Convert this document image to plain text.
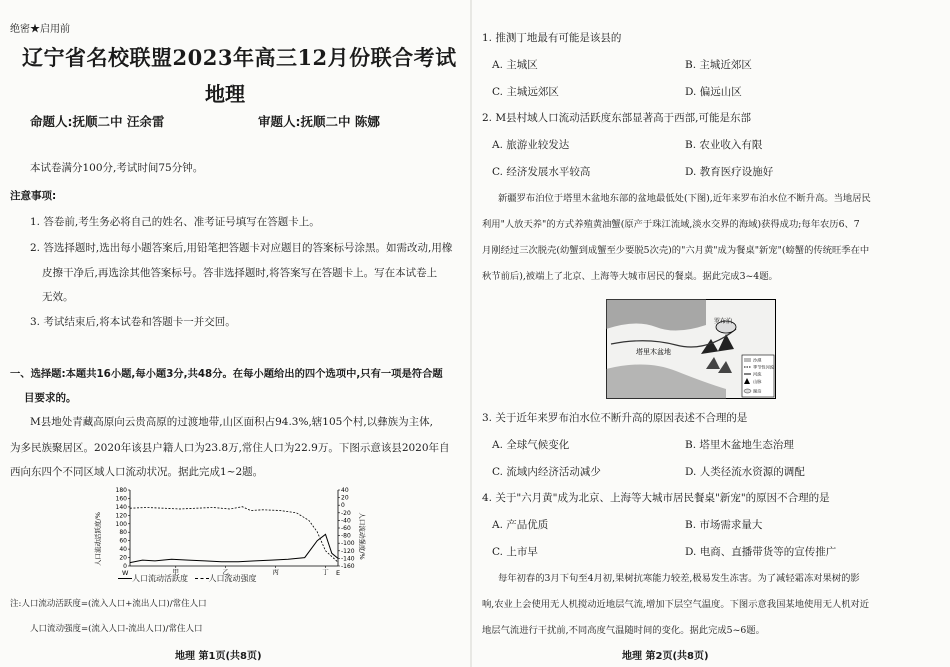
绝密★启用前
辽宁省名校联盟2023年高三12月份联合考试
地理
命题人:抚顺二中 汪余雷	审题人:抚顺二中 陈娜
本试卷满分100分,考试时间75分钟。
注意事项:
1. 答卷前,考生务必将自己的姓名、准考证号填写在答题卡上。
2. 答选择题时,选出每小题答案后,用铅笔把答题卡对应题目的答案标号涂黑。如需改动,用橡
皮擦干净后,再选涂其他答案标号。答非选择题时,将答案写在答题卡上。写在本试卷上
无效。
3. 考试结束后,将本试卷和答题卡一并交回。
一、选择题:本题共16小题,每小题3分,共48分。在每小题给出的四个选项中,只有一项是符合题
目要求的。
M县地处青藏高原向云贵高原的过渡地带,山区面积占94.3%,辖105个村,以彝族为主体,
为多民族聚居区。2020年该县户籍人口为23.8万,常住人口为22.9万。下图示意该县2020年自
西向东四个不同区域人口流动状况。据此完成1~2题。
人口流动活跃度/%	人口流动强度/%
180
160
140
120
100
80
60
40
20
0
40
20
0
-20
-40
-60
-80
-100
-120
-140
-160
W	E
甲	乙	丙	丁
人口流动活跃度	人口流动强度
注:人口流动活跃度=(流入人口+流出人口)/常住人口
人口流动强度=(流入人口-流出人口)/常住人口
地理 第1页(共8页)
1. 推测丁地最有可能是该县的
A. 主城区	B. 主城近郊区
C. 主城远郊区	D. 偏远山区
2. M县村域人口流动活跃度东部显著高于西部,可能是东部
A. 旅游业较发达	B. 农业收入有限
C. 经济发展水平较高	D. 教育医疗设施好
新疆罗布泊位于塔里木盆地东部的盆地最低处(下图),近年来罗布泊水位不断升高。当地居民
利用"人放天养"的方式养殖黄油蟹(原产于珠江流域,淡水交界的海域)获得成功;每年农历6、7
月刚经过三次脱壳(幼蟹到成蟹至少要脱5次壳)的"六月黄"成为餐桌"新宠"(螃蟹的传统旺季在中
秋节前后),被端上了北京、上海等大城市居民的餐桌。据此完成3~4题。
3. 关于近年来罗布泊水位不断升高的原因表述不合理的是
A. 全球气候变化	B. 塔里木盆地生态治理
C. 流域内经济活动减少	D. 人类径流水资源的调配
4. 关于"六月黄"成为北京、上海等大城市居民餐桌"新宠"的原因不合理的是
A. 产品优质	B. 市场需求量大
C. 上市早	D. 电商、直播带货等的宣传推广
每年初春的3月下旬至4月初,果树抗寒能力较差,极易发生冻害。为了减轻霜冻对果树的影
响,农业上会使用无人机搅动近地层气流,增加下层空气温度。下图示意我国某地使用无人机对近
地层气流进行干扰前,不同高度气温随时间的变化。据此完成5~6题。
地理 第2页(共8页)
塔里木盆地
罗布泊
沙漠
季节性河流
河流
山脉
湖泊
